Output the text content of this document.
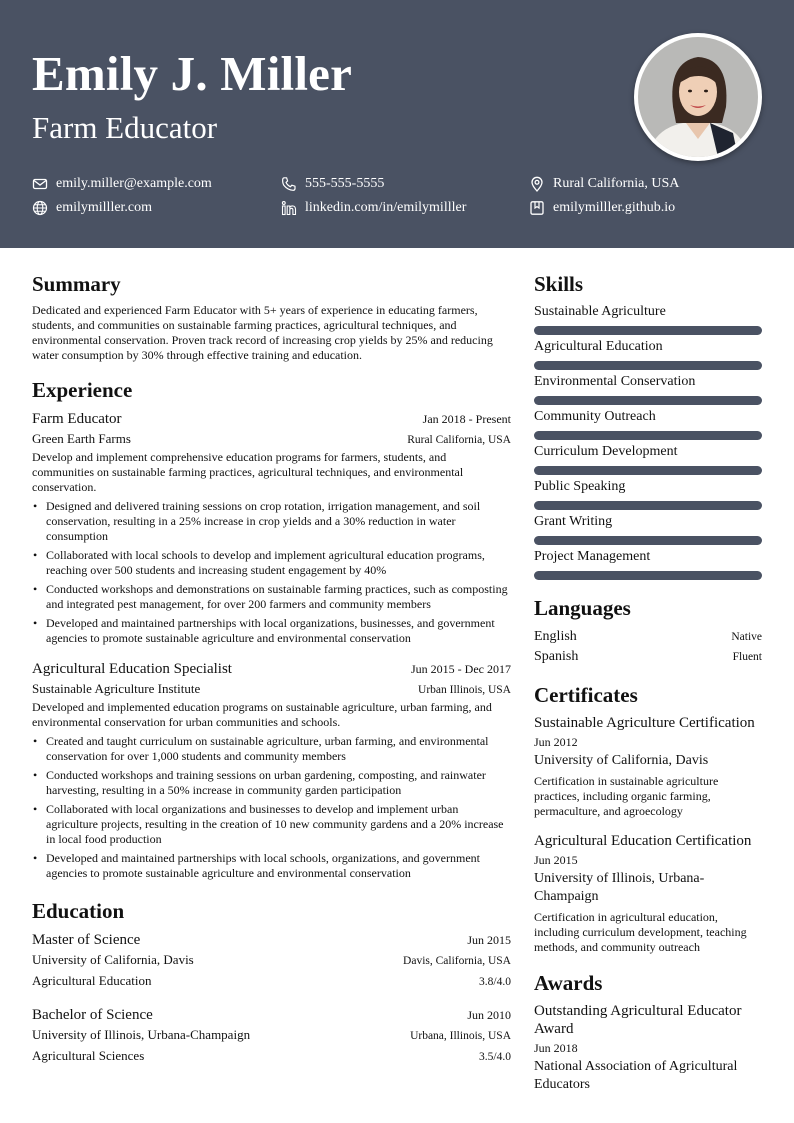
Emily J. Miller
Farm Educator
emily.miller@example.com	555-555-5555	Rural California, USA
emilymilller.com	linkedin.com/in/emilymilller	emilymilller.github.io
Summary

Dedicated and experienced Farm Educator with 5+ years of experience in educating farmers, students, and communities on sustainable farming practices, agricultural techniques, and environmental conservation. Proven track record of increasing crop yields by 25% and reducing water consumption by 30% through effective training and education.

Experience
Farm Educator	Jan 2018 - Present
Green Earth Farms	Rural California, USA

Develop and implement comprehensive education programs for farmers, students, and communities on sustainable farming practices, agricultural techniques, and environmental conservation.

• Designed and delivered training sessions on crop rotation, irrigation management, and soil conservation, resulting in a 25% increase in crop yields and a 30% reduction in water consumption
• Collaborated with local schools to develop and implement agricultural education programs, reaching over 500 students and increasing student engagement by 40%
• Conducted workshops and demonstrations on sustainable farming practices, such as composting and integrated pest management, for over 200 farmers and community members
• Developed and maintained partnerships with local organizations, businesses, and government agencies to promote sustainable agriculture and environmental conservation
Agricultural Education Specialist	Jun 2015 - Dec 2017
Sustainable Agriculture Institute	Urban Illinois, USA

Developed and implemented education programs on sustainable agriculture, urban farming, and environmental conservation for urban communities and schools.

• Created and taught curriculum on sustainable agriculture, urban farming, and environmental conservation for over 1,000 students and community members
• Conducted workshops and training sessions on urban gardening, composting, and rainwater harvesting, resulting in a 50% increase in community garden participation
• Collaborated with local organizations and businesses to develop and implement urban agriculture projects, resulting in the creation of 10 new community gardens and a 20% increase in local food production
• Developed and maintained partnerships with local schools, organizations, and government agencies to promote sustainable agriculture and environmental conservation
Education
Master of Science	Jun 2015
University of California, Davis	Davis, California, USA
Agricultural Education	3.8/4.0
Bachelor of Science	Jun 2010
University of Illinois, Urbana-Champaign	Urbana, Illinois, USA
Agricultural Sciences	3.5/4.0
Skills
Sustainable Agriculture
Agricultural Education
Environmental Conservation
Community Outreach
Curriculum Development
Public Speaking
Grant Writing
Project Management
Languages
English	Native
Spanish	Fluent
Certificates
Sustainable Agriculture Certification
Jun 2012
University of California, Davis
Certification in sustainable agriculture practices, including organic farming, permaculture, and agroecology
Agricultural Education Certification
Jun 2015
University of Illinois, Urbana-Champaign
Certification in agricultural education, including curriculum development, teaching methods, and community outreach
Awards
Outstanding Agricultural Educator Award
Jun 2018
National Association of Agricultural Educators
